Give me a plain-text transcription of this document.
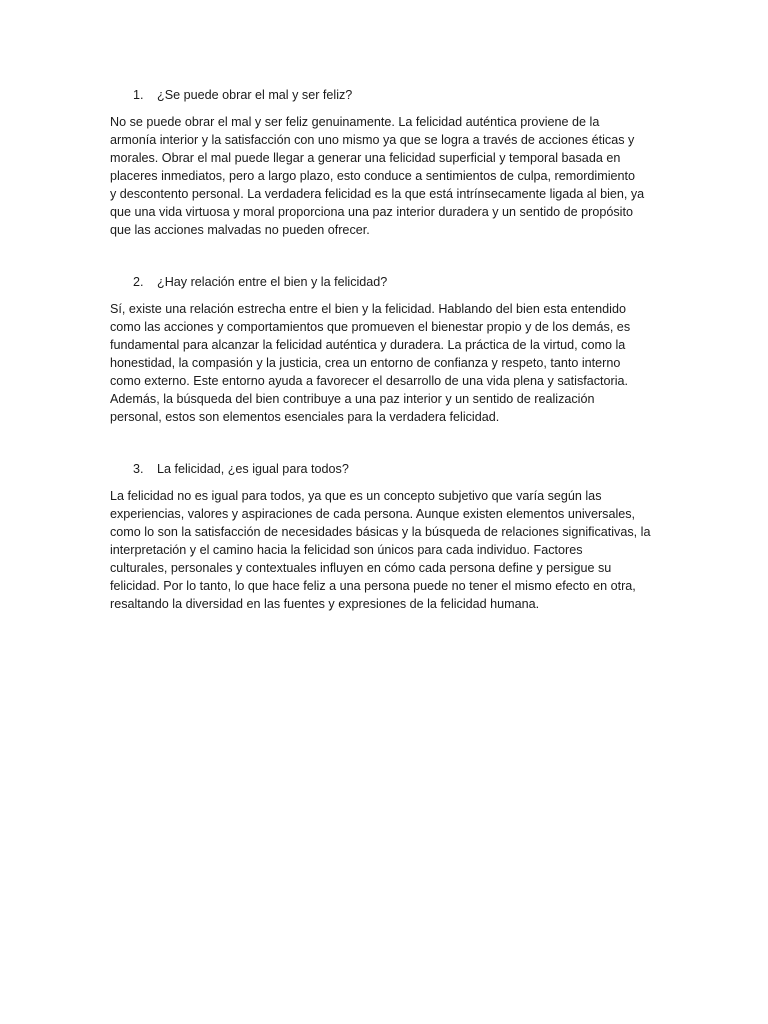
1.	¿Se puede obrar el mal y ser feliz?

No se puede obrar el mal y ser feliz genuinamente. La felicidad auténtica proviene de la
armonía interior y la satisfacción con uno mismo ya que se logra a través de acciones éticas y
morales. Obrar el mal puede llegar a generar una felicidad superficial y temporal basada en
placeres inmediatos, pero a largo plazo, esto conduce a sentimientos de culpa, remordimiento
y descontento personal. La verdadera felicidad es la que está intrínsecamente ligada al bien, ya
que una vida virtuosa y moral proporciona una paz interior duradera y un sentido de propósito
que las acciones malvadas no pueden ofrecer.

2.	¿Hay relación entre el bien y la felicidad?

Sí, existe una relación estrecha entre el bien y la felicidad. Hablando del bien esta entendido
como las acciones y comportamientos que promueven el bienestar propio y de los demás, es
fundamental para alcanzar la felicidad auténtica y duradera. La práctica de la virtud, como la
honestidad, la compasión y la justicia, crea un entorno de confianza y respeto, tanto interno
como externo. Este entorno ayuda a favorecer el desarrollo de una vida plena y satisfactoria.
Además, la búsqueda del bien contribuye a una paz interior y un sentido de realización
personal, estos son elementos esenciales para la verdadera felicidad.

3.	La felicidad, ¿es igual para todos?

La felicidad no es igual para todos, ya que es un concepto subjetivo que varía según las
experiencias, valores y aspiraciones de cada persona. Aunque existen elementos universales,
como lo son la satisfacción de necesidades básicas y la búsqueda de relaciones significativas, la
interpretación y el camino hacia la felicidad son únicos para cada individuo. Factores
culturales, personales y contextuales influyen en cómo cada persona define y persigue su
felicidad. Por lo tanto, lo que hace feliz a una persona puede no tener el mismo efecto en otra,
resaltando la diversidad en las fuentes y expresiones de la felicidad humana.
